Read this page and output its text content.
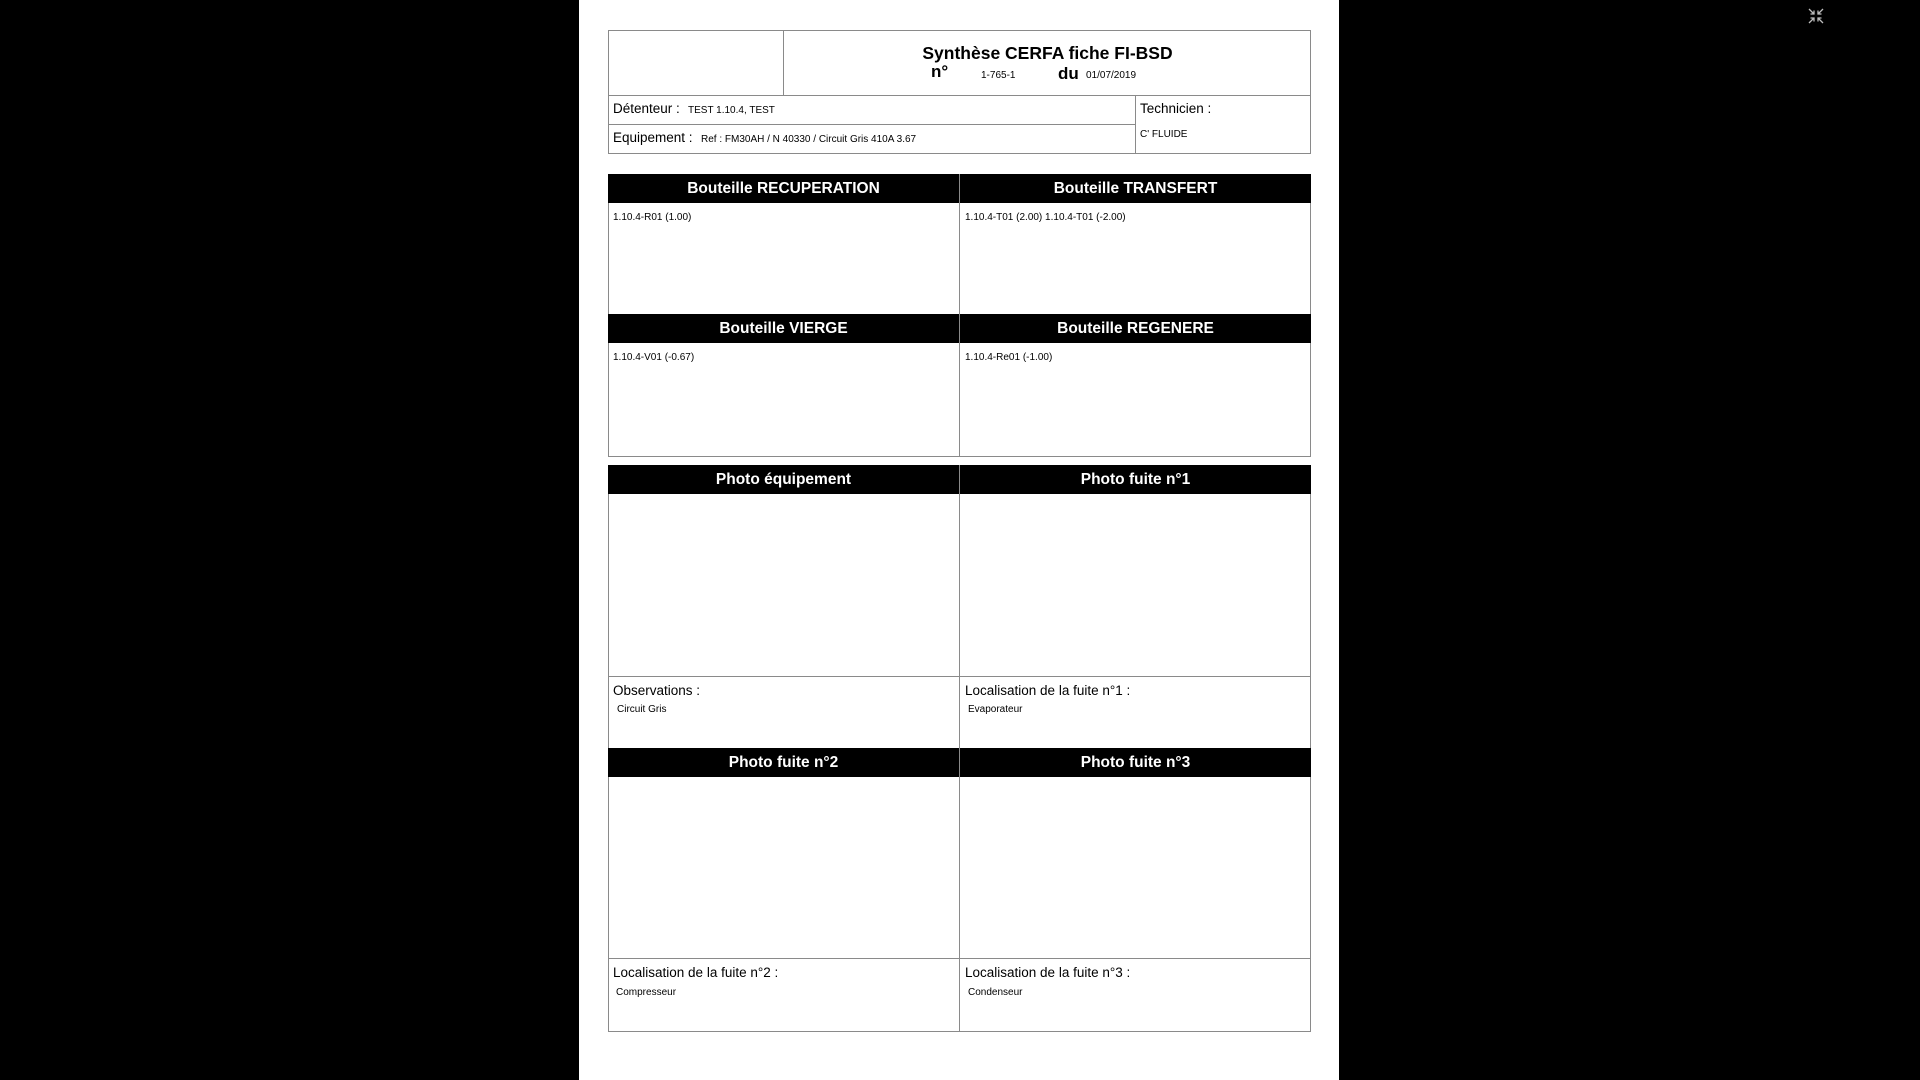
Synthèse CERFA fiche FI-BSD
n°	1-765-1	du 01/07/2019
Détenteur : TEST 1.10.4, TEST
Equipement : Ref : FM30AH / N 40330 / Circuit Gris 410A 3.67
Technicien :
C' FLUIDE
Bouteille RECUPERATION	Bouteille TRANSFERT
1.10.4-R01 (1.00)	1.10.4-T01 (2.00) 1.10.4-T01 (-2.00)
Bouteille VIERGE	Bouteille REGENERE
1.10.4-V01 (-0.67)	1.10.4-Re01 (-1.00)
Photo équipement	Photo fuite n°1
Observations :
Circuit Gris
Localisation de la fuite n°1 :
Evaporateur
Photo fuite n°2	Photo fuite n°3
Localisation de la fuite n°2 :
Compresseur
Localisation de la fuite n°3 :
Condenseur
